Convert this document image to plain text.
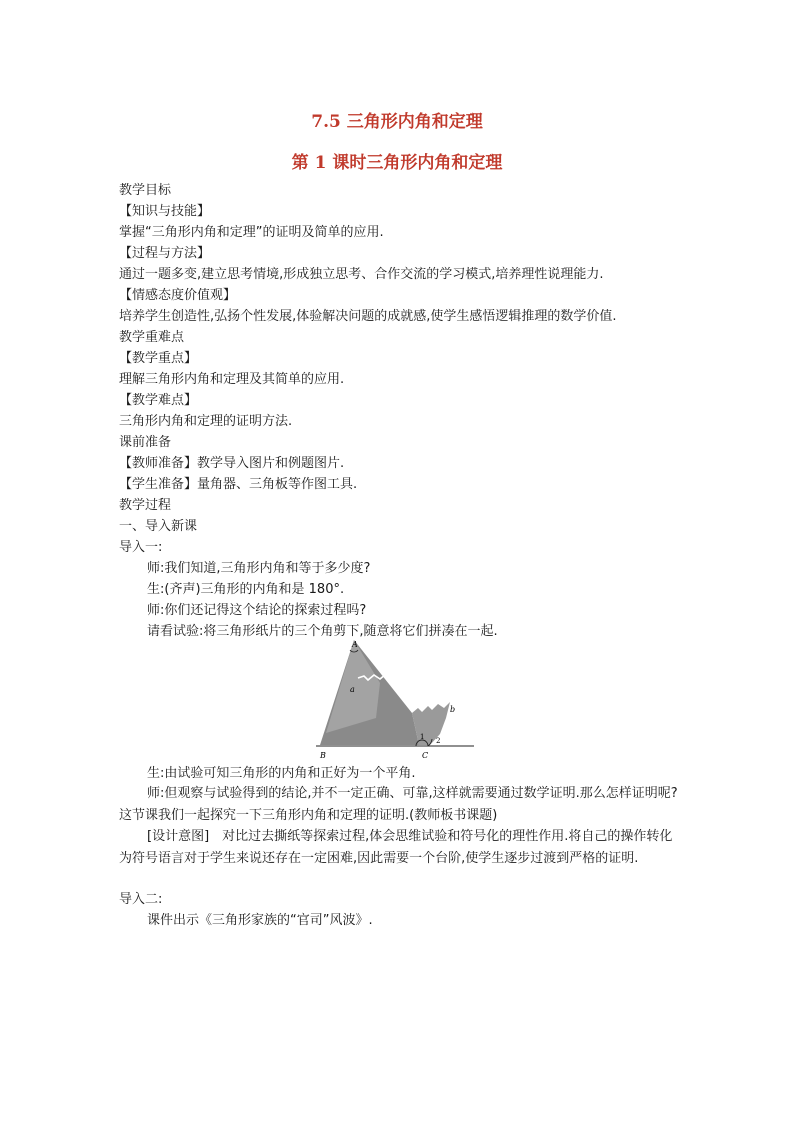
7.5 三角形内角和定理
第 1 课时三角形内角和定理
教学目标
【知识与技能】
掌握“三角形内角和定理”的证明及简单的应用.
【过程与方法】
通过一题多变,建立思考情境,形成独立思考、合作交流的学习模式,培养理性说理能力.
【情感态度价值观】
培养学生创造性,弘扬个性发展,体验解决问题的成就感,使学生感悟逻辑推理的数学价值.
教学重难点
【教学重点】
理解三角形内角和定理及其简单的应用.
【教学难点】
三角形内角和定理的证明方法.
课前准备
【教师准备】教学导入图片和例题图片.
【学生准备】量角器、三角板等作图工具.
教学过程
一、导入新课
导入一:
师:我们知道,三角形内角和等于多少度?
生:(齐声)三角形的内角和是 180°.
师:你们还记得这个结论的探索过程吗?
请看试验:将三角形纸片的三个角剪下,随意将它们拼凑在一起.
A
B	C
a
b
1 2
生:由试验可知三角形的内角和正好为一个平角.
师:但观察与试验得到的结论,并不一定正确、可靠,这样就需要通过数学证明.那么怎样证明呢?这节课我们一起探究一下三角形内角和定理的证明.(教师板书课题)
[设计意图]　对比过去撕纸等探索过程,体会思维试验和符号化的理性作用.将自己的操作转化为符号语言对于学生来说还存在一定困难,因此需要一个台阶,使学生逐步过渡到严格的证明.
导入二:
课件出示《三角形家族的“官司”风波》.
